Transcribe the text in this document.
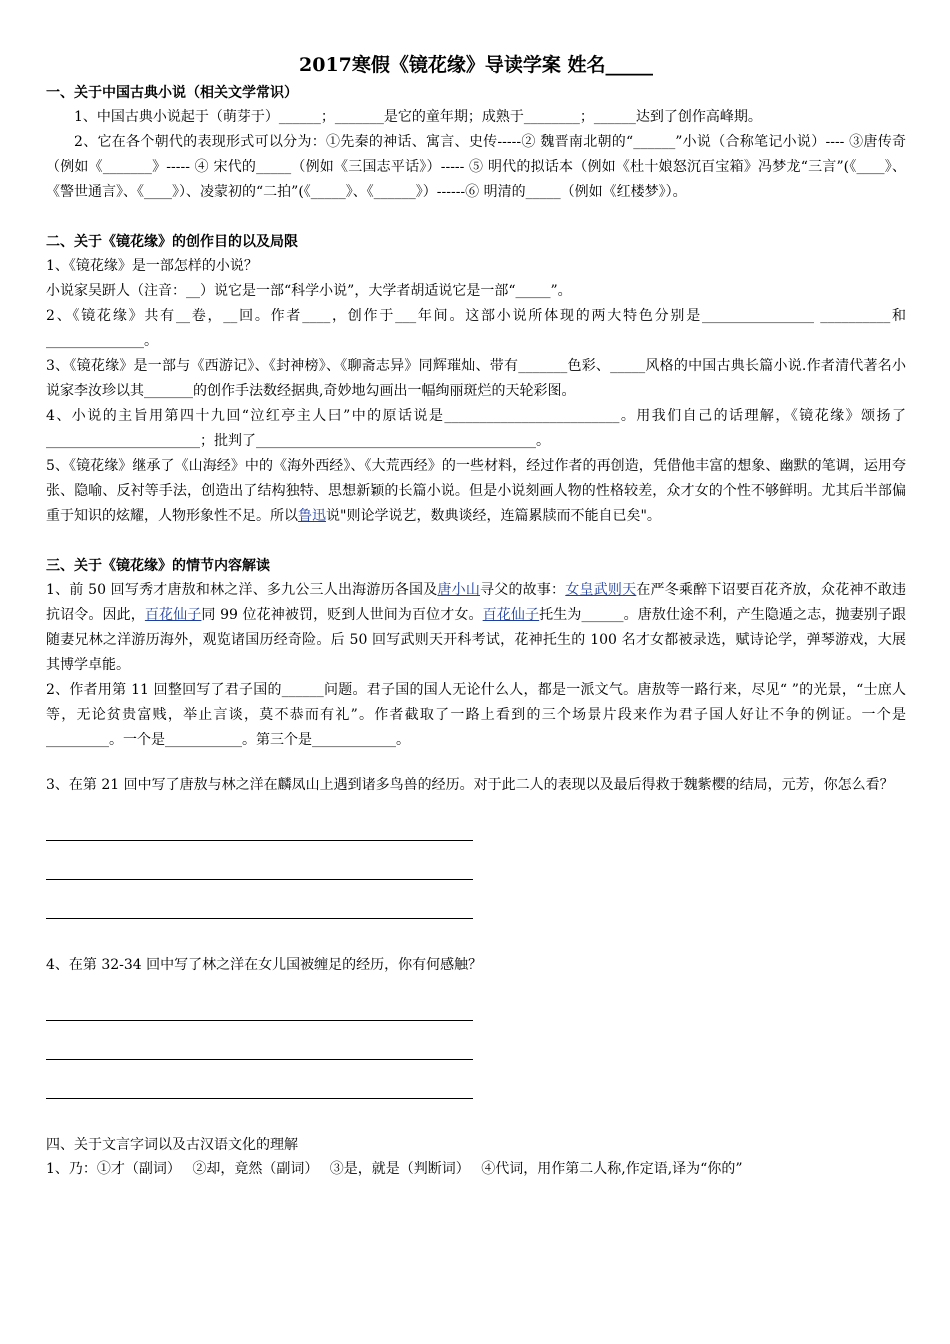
2017寒假《镜花缘》导读学案 姓名_____
一、关于中国古典小说（相关文学常识）

1、中国古典小说起于（萌芽于）______；_______是它的童年期；成熟于________；______达到了创作高峰期。

2、它在各个朝代的表现形式可以分为：①先秦的神话、寓言、史传-----② 魏晋南北朝的“______”小说（合称笔记小说）---- ③唐传奇（例如《_______》----- ④ 宋代的_____（例如《三国志平话》）----- ⑤ 明代的拟话本（例如《杜十娘怒沉百宝箱》冯梦龙“三言”(《____》、《警世通言》、《____》）、凌蒙初的“二拍”(《_____》、《______》）------⑥ 明清的_____（例如《红楼梦》）。

二、关于《镜花缘》的创作目的以及局限

1、《镜花缘》是一部怎样的小说？

小说家吴趼人（注音：__）说它是一部“科学小说”，大学者胡适说它是一部“_____”。

2、《镜花缘》共有__卷，__回。作者____，创作于___年间。这部小说所体现的两大特色分别是________________ __________和______________。

3、《镜花缘》是一部与《西游记》、《封神榜》、《聊斋志异》同辉璀灿、带有_______色彩、_____风格的中国古典长篇小说.作者清代著名小说家李汝珍以其_______的创作手法数经据典,奇妙地勾画出一幅绚丽斑烂的天轮彩图。

4、小说的主旨用第四十九回“泣红亭主人曰”中的原话说是_________________________。用我们自己的话理解，《镜花缘》颂扬了______________________；批判了________________________________________。

5、《镜花缘》继承了《山海经》中的《海外西经》、《大荒西经》的一些材料，经过作者的再创造，凭借他丰富的想象、幽默的笔调，运用夸张、隐喻、反衬等手法，创造出了结构独特、思想新颖的长篇小说。但是小说刻画人物的性格较差，众才女的个性不够鲜明。尤其后半部偏重于知识的炫耀，人物形象性不足。所以鲁迅说"则论学说艺，数典谈经，连篇累牍而不能自已矣"。

三、关于《镜花缘》的情节内容解读

1、前 50 回写秀才唐敖和林之洋、多九公三人出海游历各国及唐小山寻父的故事：女皇武则天在严冬乘醉下诏要百花齐放，众花神不敢违抗诏令。因此，百花仙子同 99 位花神被罚，贬到人世间为百位才女。百花仙子托生为______。唐敖仕途不利，产生隐遁之志，抛妻别子跟随妻兄林之洋游历海外，观览诸国历经奇险。后 50 回写武则天开科考试，花神托生的 100 名才女都被录选，赋诗论学，弹琴游戏，大展其博学卓能。

2、作者用第 11 回整回写了君子国的______问题。君子国的国人无论什么人，都是一派文气。唐敖等一路行来，尽见“ ”的光景，“士庶人等，无论贫贵富贱，举止言谈，莫不恭而有礼”。作者截取了一路上看到的三个场景片段来作为君子国人好让不争的例证。一个是_________。一个是___________。第三个是____________。

3、在第 21 回中写了唐敖与林之洋在麟凤山上遇到诸多鸟兽的经历。对于此二人的表现以及最后得救于魏紫樱的结局，元芳，你怎么看？

4、在第 32-34 回中写了林之洋在女儿国被缠足的经历，你有何感触？

四、关于文言字词以及古汉语文化的理解

1、乃：①才（副词）　 ②却，竟然（副词）　 ③是，就是（判断词）　 ④代词，用作第二人称,作定语,译为“你的”
